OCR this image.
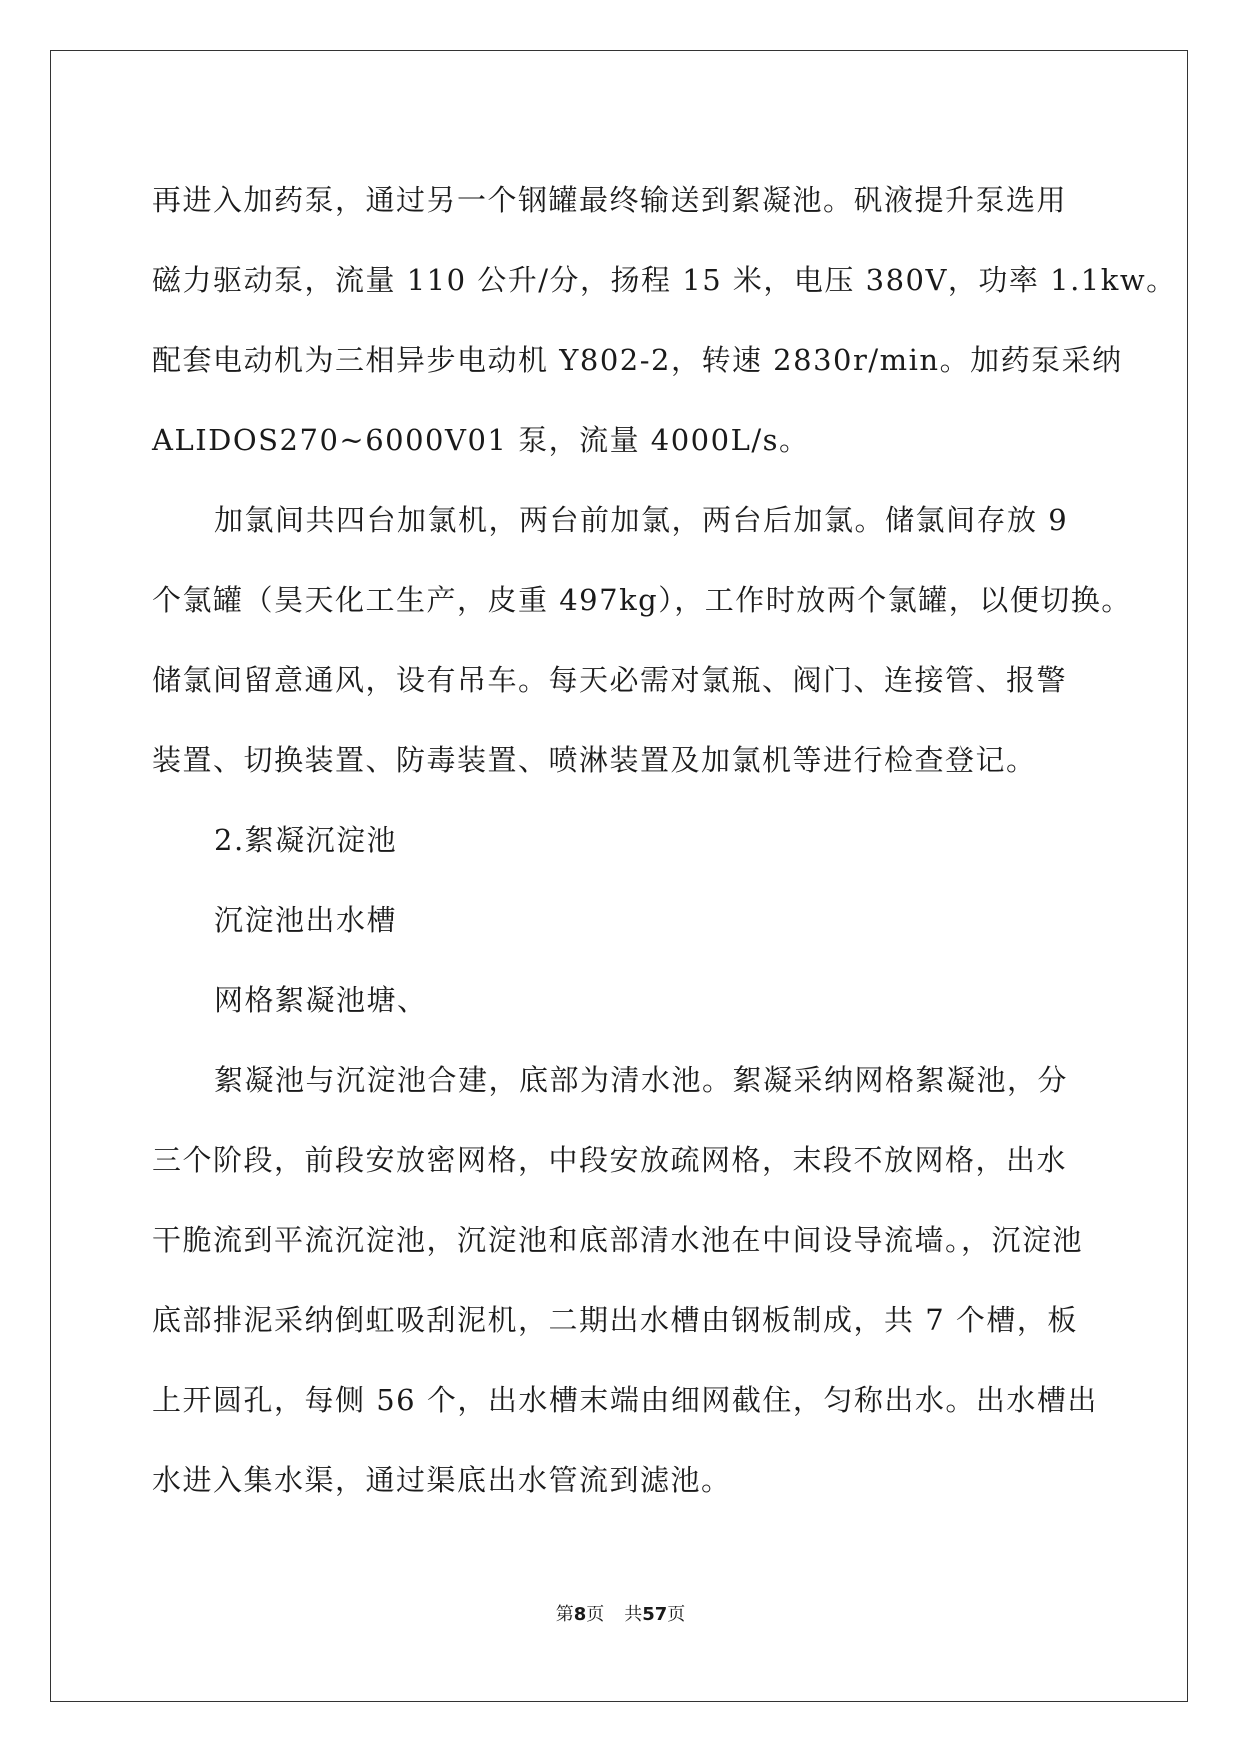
再进入加药泵，通过另一个钢罐最终输送到絮凝池。矾液提升泵选用
磁力驱动泵，流量 110 公升/分，扬程 15 米，电压 380V，功率 1.1kw。
配套电动机为三相异步电动机 Y802-2，转速 2830r/min。加药泵采纳
ALIDOS270~6000V01 泵，流量 4000L/s。
加氯间共四台加氯机，两台前加氯，两台后加氯。储氯间存放 9
个氯罐（昊天化工生产，皮重 497kg），工作时放两个氯罐，以便切换。
储氯间留意通风，设有吊车。每天必需对氯瓶、阀门、连接管、报警
装置、切换装置、防毒装置、喷淋装置及加氯机等进行检查登记。
2.絮凝沉淀池
沉淀池出水槽
网格絮凝池塘、
絮凝池与沉淀池合建，底部为清水池。絮凝采纳网格絮凝池，分
三个阶段，前段安放密网格，中段安放疏网格，末段不放网格，出水
干脆流到平流沉淀池，沉淀池和底部清水池在中间设导流墙。，沉淀池
底部排泥采纳倒虹吸刮泥机，二期出水槽由钢板制成，共 7 个槽，板
上开圆孔，每侧 56 个，出水槽末端由细网截住，匀称出水。出水槽出
水进入集水渠，通过渠底出水管流到滤池。
第8页 共57页
